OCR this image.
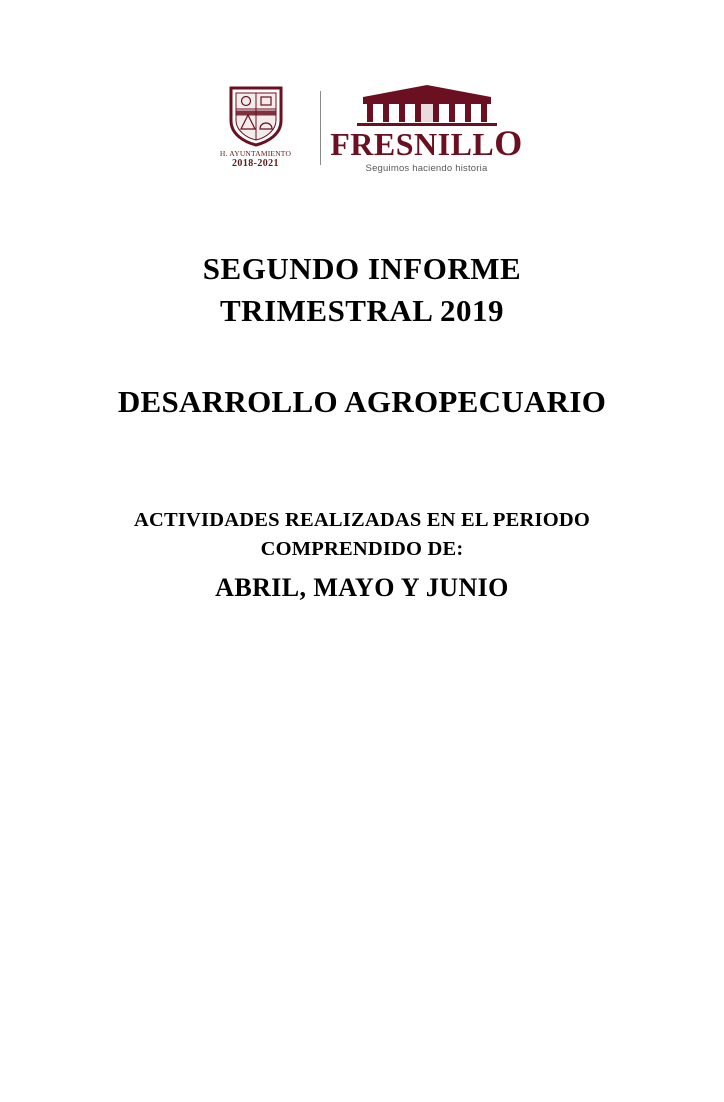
H. AYUNTAMIENTO
2018-2021
FRESNILLO
Seguimos haciendo historia
SEGUNDO INFORME
TRIMESTRAL 2019
DESARROLLO AGROPECUARIO
ACTIVIDADES REALIZADAS EN EL PERIODO
COMPRENDIDO DE:
ABRIL, MAYO Y JUNIO
